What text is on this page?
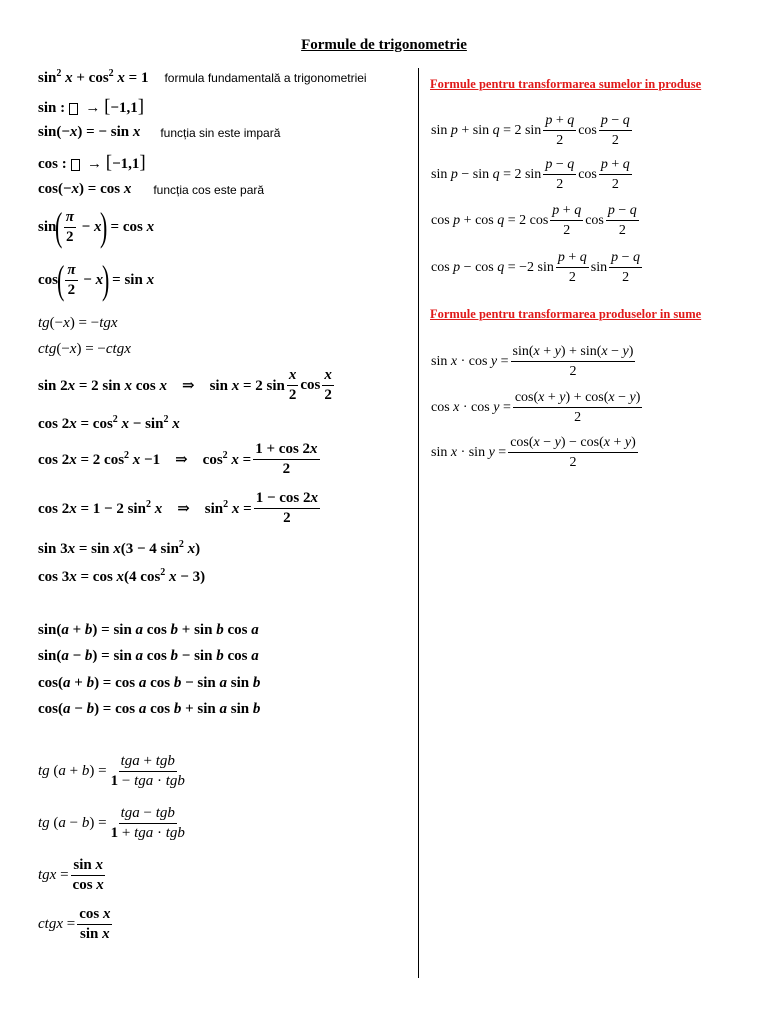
Formule de trigonometrie
$\sin^2 x + \cos^2 x = 1$ formula fundamentală a trigonometriei
sin :   → [−1,1]
sin(−x) = − sin x funcția sin este impară
cos :   → [−1,1]
cos(−x) = cos x funcția cos este pară
sin
( $\frac{\pi}{2} - x$
)
= cos x
cos
( $\frac{\pi}{2} - x$
)
= sin x
tg (− x ) = − tgx
ctg (− x ) = − ctgx
sin 2x = 2 sin x cos x    ⇒    sin x = 2 $\sin \frac{x}{2}$ $\cos \frac{x}{2}$
$\cos 2x = \cos^2 x - \sin^2 x$
cos 2x = 2 $\cos^2 x -1$    ⇒    $\cos^2 x = \frac{1 + \cos 2x}{2}$
cos 2x = 1 − 2 $\sin^2 x$    ⇒    $\sin^2 x = \frac{1 - \cos 2x}{2}$
sin 3x = sin x(3 − 4 $\sin^2 x$)
cos 3x = cos x(4 $\cos^2 x - 3$)
sin(a + b) = sin a cos b + sin b cos a
sin(a − b) = sin a cos b − sin b cos a
cos(a + b) = cos a cos b − sin a sin b
cos(a − b) = cos a cos b + sin a sin b
tg $(a + b) = \frac{\text{tga + tgb}}{\text{1 − tga · tgb}}$
tg $(a - b) = \frac{\text{tga − tgb}}{\text{1 + tga · tgb}}$
tgx = $\frac{\text{sin x}}{\text{cos x}}$
ctgx = $\frac{\text{cos x}}{\text{sin x}}$
Formule pentru transformarea sumelor in produse
sin p + sin q = 2 $\sin \frac{p + q}{2}$ $\cos \frac{p - q}{2}$
sin p − sin q = 2 $\sin \frac{p - q}{2}$ $\cos \frac{p + q}{2}$
cos p + cos q = 2 $\cos \frac{p + q}{2}$ $\cos \frac{p - q}{2}$
cos p − cos q = −2 $\sin \frac{p + q}{2}$ $\sin \frac{p - q}{2}$
Formule pentru transformarea produselor in sume
$\sin x \cdot \cos y = \frac{\sin(x + y) + \sin(x - y)}{2}$
$\cos x \cdot \cos y = \frac{\cos(x + y) + \cos(x - y)}{2}$
$\sin x \cdot \sin y = \frac{\cos(x - y) - \cos(x + y)}{2}$
